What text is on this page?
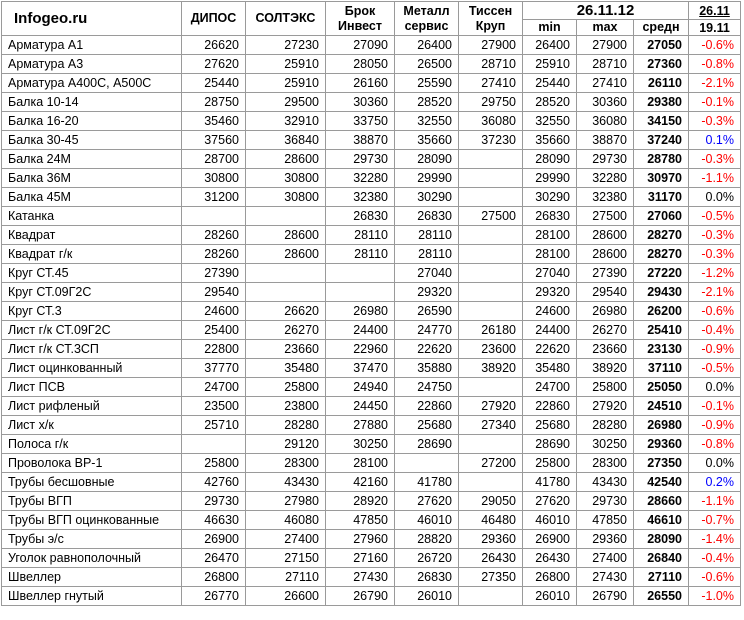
Infogeo.ru	ДИПОС	СОЛТЭКС	Брок Инвест	Металл сервис	Тиссен Круп	26.11.12			26.11
						min	max	средн	19.11
Арматура А1	26620	27230	27090	26400	27900	26400	27900	27050	-0.6%
Арматура А3	27620	25910	28050	26500	28710	25910	28710	27360	-0.8%
Арматура А400С, А500С	25440	25910	26160	25590	27410	25440	27410	26110	-2.1%
Балка 10-14	28750	29500	30360	28520	29750	28520	30360	29380	-0.1%
Балка 16-20	35460	32910	33750	32550	36080	32550	36080	34150	-0.3%
Балка 30-45	37560	36840	38870	35660	37230	35660	38870	37240	0.1%
Балка 24М	28700	28600	29730	28090		28090	29730	28780	-0.3%
Балка 36М	30800	30800	32280	29990		29990	32280	30970	-1.1%
Балка 45М	31200	30800	32380	30290		30290	32380	31170	0.0%
Катанка			26830	26830	27500	26830	27500	27060	-0.5%
Квадрат	28260	28600	28110	28110		28100	28600	28270	-0.3%
Квадрат г/к	28260	28600	28110	28110		28100	28600	28270	-0.3%
Круг СТ.45	27390			27040		27040	27390	27220	-1.2%
Круг СТ.09Г2С	29540			29320		29320	29540	29430	-2.1%
Круг СТ.3	24600	26620	26980	26590		24600	26980	26200	-0.6%
Лист г/к СТ.09Г2С	25400	26270	24400	24770	26180	24400	26270	25410	-0.4%
Лист г/к СТ.3СП	22800	23660	22960	22620	23600	22620	23660	23130	-0.9%
Лист оцинкованный	37770	35480	37470	35880	38920	35480	38920	37110	-0.5%
Лист ПСВ	24700	25800	24940	24750		24700	25800	25050	0.0%
Лист рифленый	23500	23800	24450	22860	27920	22860	27920	24510	-0.1%
Лист х/к	25710	28280	27880	25680	27340	25680	28280	26980	-0.9%
Полоса г/к		29120	30250	28690		28690	30250	29360	-0.8%
Проволока ВР-1	25800	28300	28100		27200	25800	28300	27350	0.0%
Трубы бесшовные	42760	43430	42160	41780		41780	43430	42540	0.2%
Трубы ВГП	29730	27980	28920	27620	29050	27620	29730	28660	-1.1%
Трубы ВГП оцинкованные	46630	46080	47850	46010	46480	46010	47850	46610	-0.7%
Трубы э/с	26900	27400	27960	28820	29360	26900	29360	28090	-1.4%
Уголок равнополочный	26470	27150	27160	26720	26430	26430	27400	26840	-0.4%
Швеллер	26800	27110	27430	26830	27350	26800	27430	27110	-0.6%
Швеллер гнутый	26770	26600	26790	26010		26010	26790	26550	-1.0%
